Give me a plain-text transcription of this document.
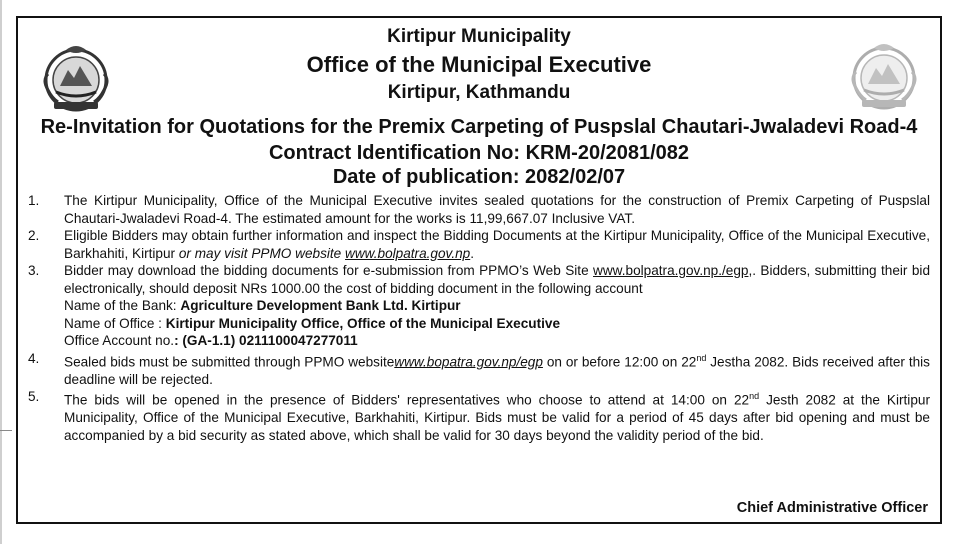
Kirtipur Municipality
Office of the Municipal Executive
Kirtipur, Kathmandu
Re-Invitation for Quotations for the Premix Carpeting of Puspslal Chautari-Jwaladevi Road-4
Contract Identification No: KRM-20/2081/082
Date of publication: 2082/02/07
1.	The Kirtipur Municipality, Office of the Municipal Executive invites sealed quotations for the construction of Premix Carpeting of Puspslal Chautari-Jwaladevi Road-4. The estimated amount for the works is 11,99,667.07 Inclusive VAT.
2.	Eligible Bidders may obtain further information and inspect the Bidding Documents at the Kirtipur Municipality, Office of the Municipal Executive, Barkhahiti, Kirtipur or may visit PPMO website www.bolpatra.gov.np.
3.	Bidder may download the bidding documents for e-submission from PPMO’s Web Site www.bolpatra.gov.np./egp,. Bidders, submitting their bid electronically, should deposit NRs 1000.00 the cost of bidding document in the following account
Name of the Bank: Agriculture Development Bank Ltd. Kirtipur
Name of Office : Kirtipur Municipality Office, Office of the Municipal Executive
Office Account no.: (GA-1.1) 0211100047277011
4.	Sealed bids must be submitted through PPMO websitewww.bopatra.gov.np/egp on or before 12:00 on 22nd Jestha 2082. Bids received after this deadline will be rejected.
5.	The bids will be opened in the presence of Bidders' representatives who choose to attend at 14:00 on 22nd Jesth 2082 at the Kirtipur Municipality, Office of the Municipal Executive, Barkhahiti, Kirtipur. Bids must be valid for a period of 45 days after bid opening and must be accompanied by a bid security as stated above, which shall be valid for 30 days beyond the validity period of the bid.
Chief Administrative Officer
